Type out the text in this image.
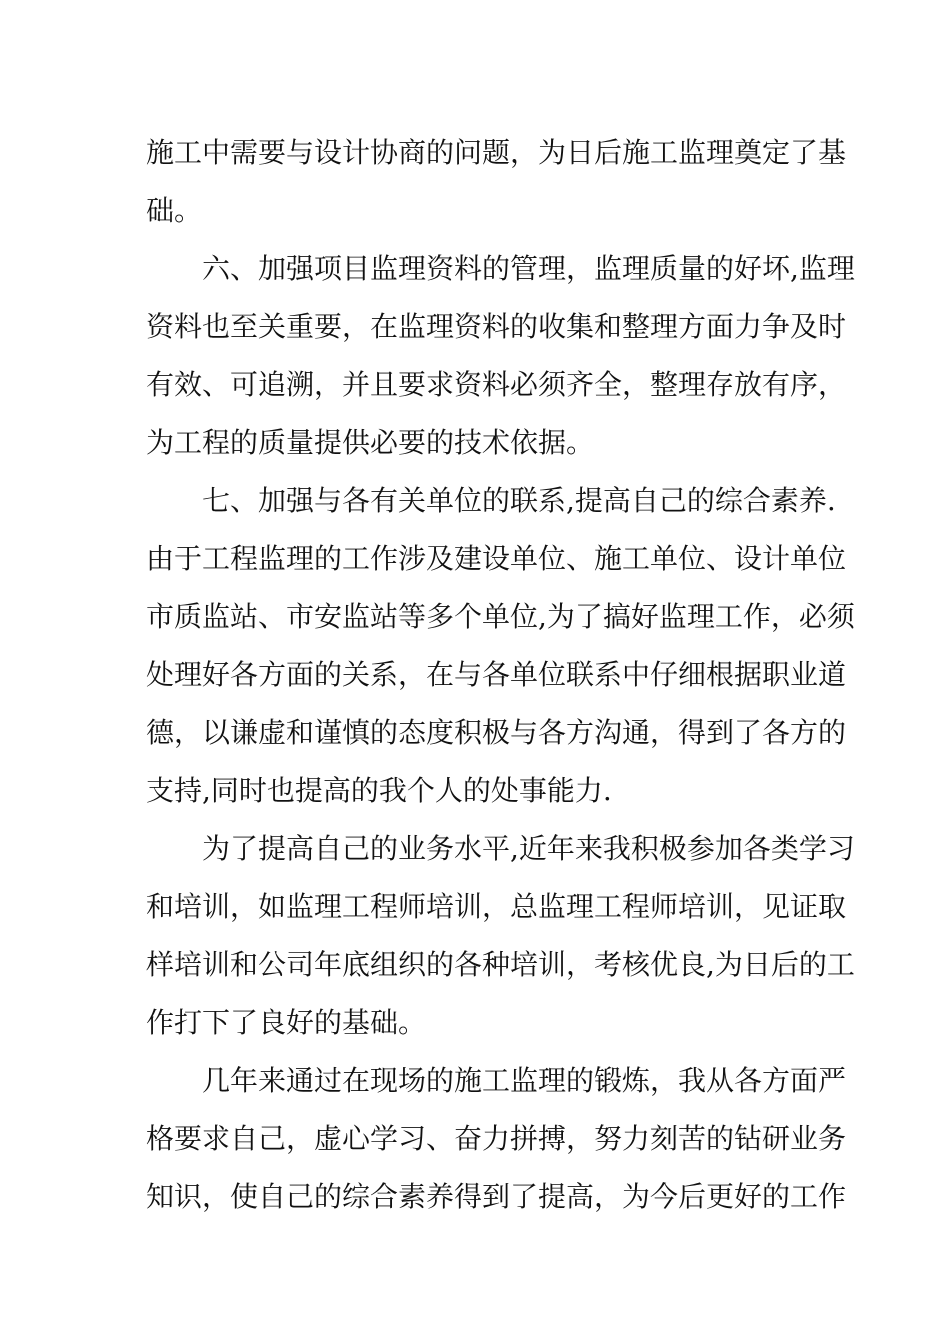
施工中需要与设计协商的问题，为日后施工监理奠定了基

础。

六、加强项目监理资料的管理，监理质量的好坏,监理

资料也至关重要，在监理资料的收集和整理方面力争及时

有效、可追溯，并且要求资料必须齐全，整理存放有序，

为工程的质量提供必要的技术依据。

七、加强与各有关单位的联系,提高自己的综合素养.

由于工程监理的工作涉及建设单位、施工单位、设计单位

市质监站、市安监站等多个单位,为了搞好监理工作，必须

处理好各方面的关系，在与各单位联系中仔细根据职业道

德，以谦虚和谨慎的态度积极与各方沟通，得到了各方的

支持,同时也提高的我个人的处事能力.

为了提高自己的业务水平,近年来我积极参加各类学习

和培训，如监理工程师培训，总监理工程师培训，见证取

样培训和公司年底组织的各种培训，考核优良,为日后的工

作打下了良好的基础。

几年来通过在现场的施工监理的锻炼，我从各方面严

格要求自己，虚心学习、奋力拼搏，努力刻苦的钻研业务

知识，使自己的综合素养得到了提高，为今后更好的工作
